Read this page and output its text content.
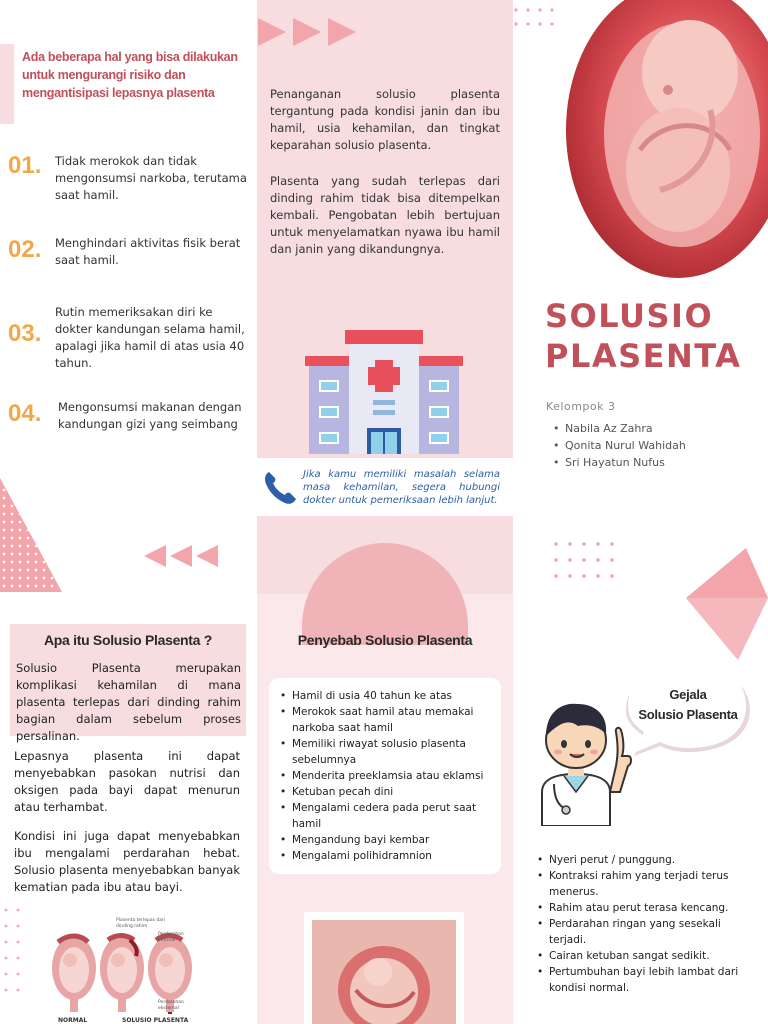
Ada beberapa hal yang bisa dilakukan untuk mengurangi risiko dan mengantisipasi lepasnya plasenta
01. Tidak merokok dan tidak mengonsumsi narkoba, terutama saat hamil.
02. Menghindari aktivitas fisik berat saat hamil.
03.
Rutin memeriksakan diri ke dokter kandungan selama hamil, apalagi jika hamil di atas usia 40 tahun.
04. Mengonsumsi makanan dengan kandungan gizi yang seimbang
Penanganan solusio plasenta tergantung pada kondisi janin dan ibu hamil, usia kehamilan, dan tingkat keparahan solusio plasenta.
Plasenta yang sudah terlepas dari dinding rahim tidak bisa ditempelkan kembali. Pengobatan lebih bertujuan untuk menyelamatkan nyawa ibu hamil dan janin yang dikandungnya.
Jika kamu memiliki masalah selama masa kehamilan, segera hubungi dokter untuk pemeriksaan lebih lanjut.
SOLUSIO
PLASENTA
Kelompok 3
• Nabila Az Zahra
• Qonita Nurul Wahidah
• Sri Hayatun Nufus
Apa itu Solusio Plasenta ?
Solusio Plasenta merupakan komplikasi kehamilan di mana plasenta terlepas dari dinding rahim bagian dalam sebelum proses persalinan.
Lepasnya plasenta ini dapat menyebabkan pasokan nutrisi dan oksigen pada bayi dapat menurun atau terhambat.
Kondisi ini juga dapat menyebabkan ibu mengalami perdarahan hebat. Solusio plasenta menyebabkan banyak kematian pada ibu atau bayi.
Plasenta terlepas dari dinding rahim
Perdarahan internal
Perdarahan eksternal
NORMAL	SOLUSIO PLASENTA
Penyebab Solusio Plasenta
• Hamil di usia 40 tahun ke atas
• Merokok saat hamil atau memakai narkoba saat hamil
• Memiliki riwayat solusio plasenta sebelumnya
• Menderita preeklamsia atau eklamsi
• Ketuban pecah dini
• Mengalami cedera pada perut saat hamil
• Mengandung bayi kembar
• Mengalami polihidramnion
Gejala
Solusio Plasenta
• Nyeri perut / punggung.
• Kontraksi rahim yang terjadi terus menerus.
• Rahim atau perut terasa kencang.
• Perdarahan ringan yang sesekali terjadi.
• Cairan ketuban sangat sedikit.
• Pertumbuhan bayi lebih lambat dari kondisi normal.
